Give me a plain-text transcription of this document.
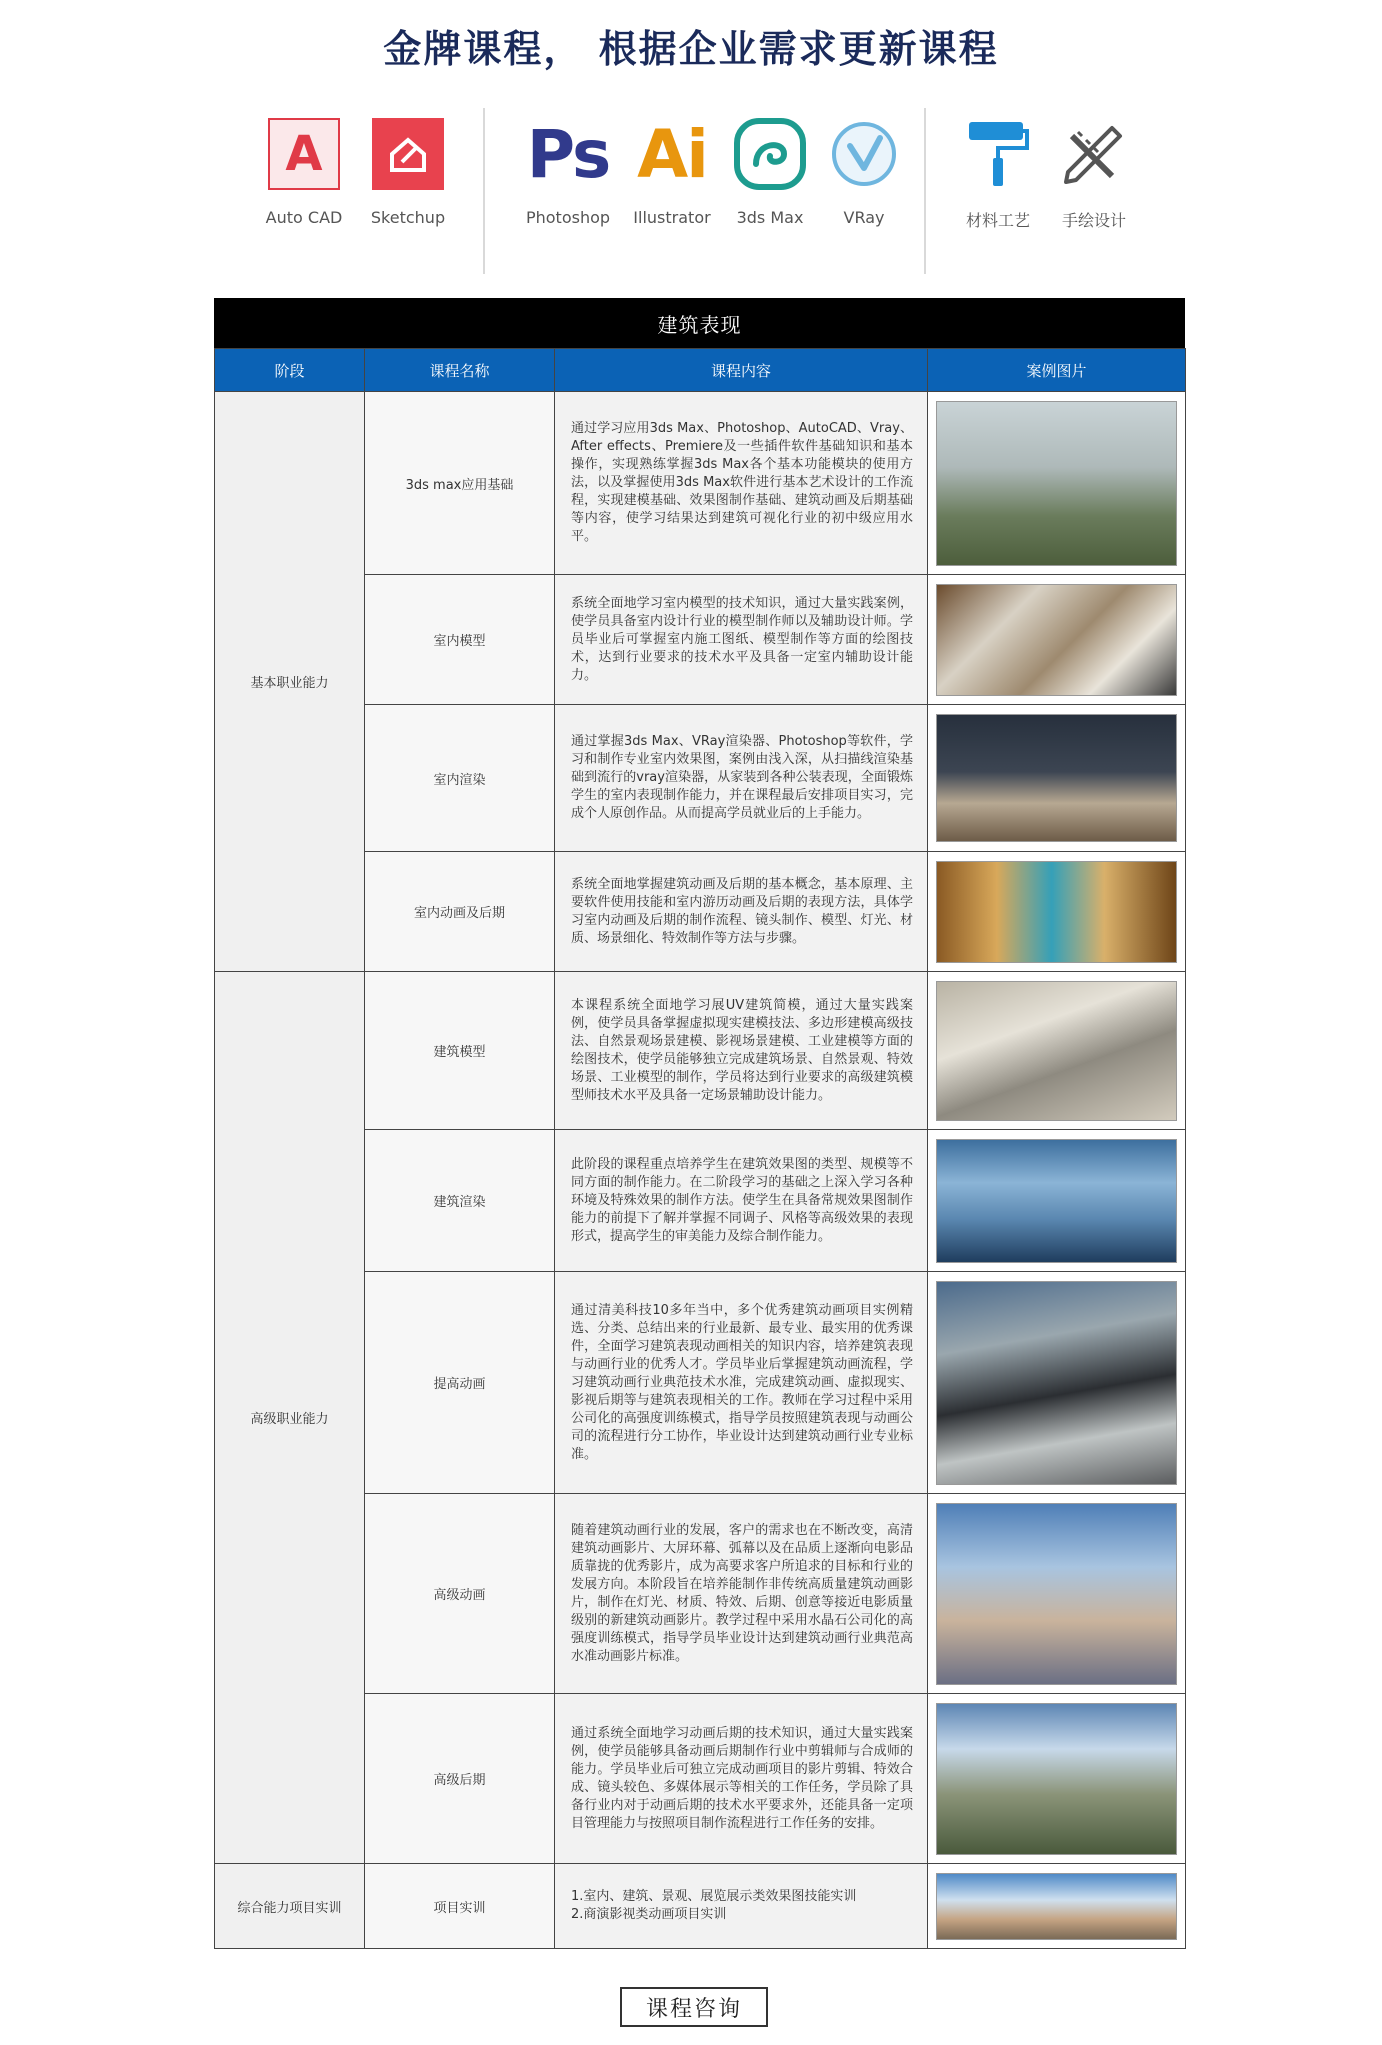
金牌课程， 根据企业需求更新课程
A
Auto CAD	Sketchup
Ps
Photoshop
Ai
Illustrator	3ds Max	VRay	材料工艺	手绘设计
建筑表现
阶段	课程名称	课程内容	案例图片
基本职业能力	3ds max应用基础	通过学习应用3ds Max、Photoshop、AutoCAD、Vray、After effects、Premiere及一些插件软件基础知识和基本操作，实现熟练掌握3ds Max各个基本功能模块的使用方法，以及掌握使用3ds Max软件进行基本艺术设计的工作流程，实现建模基础、效果图制作基础、建筑动画及后期基础等内容，使学习结果达到建筑可视化行业的初中级应用水平。	

	室内模型	系统全面地学习室内模型的技术知识，通过大量实践案例，使学员具备室内设计行业的模型制作师以及辅助设计师。学员毕业后可掌握室内施工图纸、模型制作等方面的绘图技术，达到行业要求的技术水平及具备一定室内辅助设计能力。	

	室内渲染	通过掌握3ds Max、VRay渲染器、Photoshop等软件，学习和制作专业室内效果图，案例由浅入深，从扫描线渲染基础到流行的vray渲染器，从家装到各种公装表现，全面锻炼学生的室内表现制作能力，并在课程最后安排项目实习，完成个人原创作品。从而提高学员就业后的上手能力。	

	室内动画及后期	系统全面地掌握建筑动画及后期的基本概念，基本原理、主要软件使用技能和室内游历动画及后期的表现方法，具体学习室内动画及后期的制作流程、镜头制作、模型、灯光、材质、场景细化、特效制作等方法与步骤。	

高级职业能力	建筑模型	本课程系统全面地学习展UV建筑简模，通过大量实践案例，使学员具备掌握虚拟现实建模技法、多边形建模高级技法、自然景观场景建模、影视场景建模、工业建模等方面的绘图技术，使学员能够独立完成建筑场景、自然景观、特效场景、工业模型的制作，学员将达到行业要求的高级建筑模型师技术水平及具备一定场景辅助设计能力。	

	建筑渲染	此阶段的课程重点培养学生在建筑效果图的类型、规模等不同方面的制作能力。在二阶段学习的基础之上深入学习各种环境及特殊效果的制作方法。使学生在具备常规效果图制作能力的前提下了解并掌握不同调子、风格等高级效果的表现形式，提高学生的审美能力及综合制作能力。	

	提高动画	通过清美科技10多年当中，多个优秀建筑动画项目实例精选、分类、总结出来的行业最新、最专业、最实用的优秀课件，全面学习建筑表现动画相关的知识内容，培养建筑表现与动画行业的优秀人才。学员毕业后掌握建筑动画流程，学习建筑动画行业典范技术水准，完成建筑动画、虚拟现实、影视后期等与建筑表现相关的工作。教师在学习过程中采用公司化的高强度训练模式，指导学员按照建筑表现与动画公司的流程进行分工协作，毕业设计达到建筑动画行业专业标准。	

	高级动画	随着建筑动画行业的发展，客户的需求也在不断改变，高清建筑动画影片、大屏环幕、弧幕以及在品质上逐渐向电影品质靠拢的优秀影片，成为高要求客户所追求的目标和行业的发展方向。本阶段旨在培养能制作非传统高质量建筑动画影片，制作在灯光、材质、特效、后期、创意等接近电影质量级别的新建筑动画影片。教学过程中采用水晶石公司化的高强度训练模式，指导学员毕业设计达到建筑动画行业典范高水准动画影片标准。	

	高级后期	通过系统全面地学习动画后期的技术知识，通过大量实践案例，使学员能够具备动画后期制作行业中剪辑师与合成师的能力。学员毕业后可独立完成动画项目的影片剪辑、特效合成、镜头较色、多媒体展示等相关的工作任务，学员除了具备行业内对于动画后期的技术水平要求外，还能具备一定项目管理能力与按照项目制作流程进行工作任务的安排。	

综合能力项目实训	项目实训	1.室内、建筑、景观、展览展示类效果图技能实训
2.商演影视类动画项目实训	

课程咨询
